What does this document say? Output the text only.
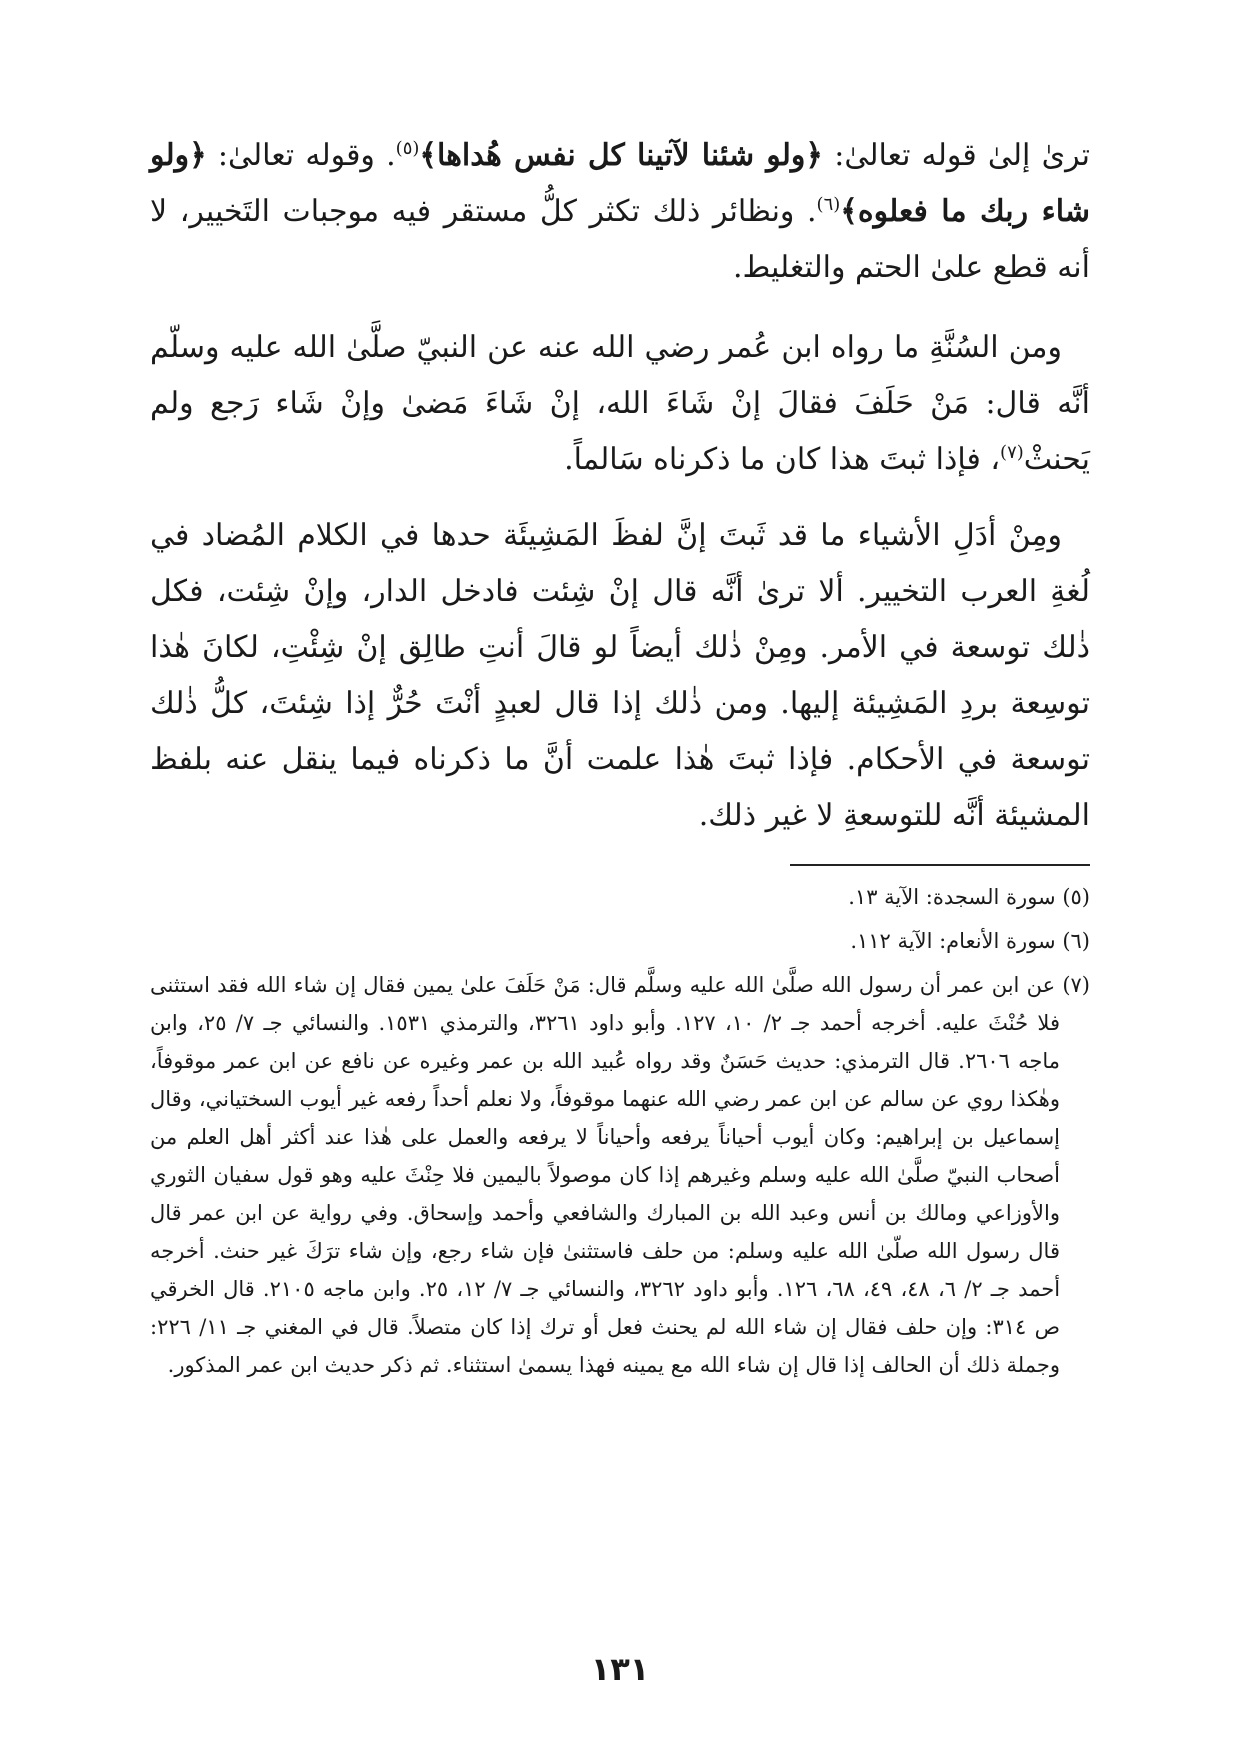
ترىٰ إلىٰ قوله تعالىٰ: ﴿ولو شئنا لآتينا كل نفس هُداها﴾$^{(٥)}$. وقوله تعالىٰ: ﴿ولو شاء ربك ما فعلوه﴾$^{(٦)}$. ونظائر ذلك تكثر كلُّ مستقر فيه موجبات التَخيير، لا أنه قطع علىٰ الحتم والتغليط.

ومن السُنَّةِ ما رواه ابن عُمر رضي الله عنه عن النبيّ صلَّىٰ الله عليه وسلّم أنَّه قال: مَنْ حَلَفَ فقالَ إنْ شَاءَ الله، إنْ شَاءَ مَضىٰ وإنْ شَاء رَجع ولم يَحنثْ$^{(٧)}$، فإذا ثبتَ هذا كان ما ذكرناه سَالماً.

ومِنْ أدَلِ الأشياء ما قد ثَبتَ إنَّ لفظَ المَشِيئَة حدها في الكلام المُضاد في لُغةِ العرب التخيير. ألا ترىٰ أنَّه قال إنْ شِئت فادخل الدار، وإنْ شِئت، فكل ذٰلك توسعة في الأمر. ومِنْ ذٰلك أيضاً لو قالَ أنتِ طالِق إنْ شِئْتِ، لكانَ هٰذا توسِعة بردِ المَشِيئة إليها. ومن ذٰلك إذا قال لعبدٍ أنْتَ حُرٌّ إذا شِئتَ، كلُّ ذٰلك توسعة في الأحكام. فإذا ثبتَ هٰذا علمت أنَّ ما ذكرناه فيما ينقل عنه بلفظ المشيئة أنَّه للتوسعةِ لا غير ذلك.

(٥) سورة السجدة: الآية ١٣.

(٦) سورة الأنعام: الآية ١١٢.

(٧) عن ابن عمر أن رسول الله صلَّىٰ الله عليه وسلَّم قال: مَنْ حَلَفَ علىٰ يمين فقال إن شاء الله فقد استثنى فلا حُنْثَ عليه. أخرجه أحمد جـ ٢/ ١٠، ١٢٧. وأبو داود ٣٢٦١، والترمذي ١٥٣١. والنسائي جـ ٧/ ٢٥، وابن ماجه ٢٦٠٦. قال الترمذي: حديث حَسَنٌ وقد رواه عُبيد الله بن عمر وغيره عن نافع عن ابن عمر موقوفاً، وهٰكذا روي عن سالم عن ابن عمر رضي الله عنهما موقوفاً، ولا نعلم أحداً رفعه غير أيوب السختياني، وقال إسماعيل بن إبراهيم: وكان أيوب أحياناً يرفعه وأحياناً لا يرفعه والعمل على هٰذا عند أكثر أهل العلم من أصحاب النبيّ صلَّىٰ الله عليه وسلم وغيرهم إذا كان موصولاً باليمين فلا حِنْثَ عليه وهو قول سفيان الثوري والأوزاعي ومالك بن أنس وعبد الله بن المبارك والشافعي وأحمد وإسحاق. وفي رواية عن ابن عمر قال قال رسول الله صلّىٰ الله عليه وسلم: من حلف فاستثنىٰ فإن شاء رجع، وإن شاء ترَكَ غير حنث. أخرجه أحمد جـ ٢/ ٦، ٤٨، ٤٩، ٦٨، ١٢٦. وأبو داود ٣٢٦٢، والنسائي جـ ٧/ ١٢، ٢٥. وابن ماجه ٢١٠٥. قال الخرقي ص ٣١٤: وإن حلف فقال إن شاء الله لم يحنث فعل أو ترك إذا كان متصلاً. قال في المغني جـ ١١/ ٢٢٦: وجملة ذلك أن الحالف إذا قال إن شاء الله مع يمينه فهذا يسمىٰ استثناء. ثم ذكر حديث ابن عمر المذكور.

١٣١
